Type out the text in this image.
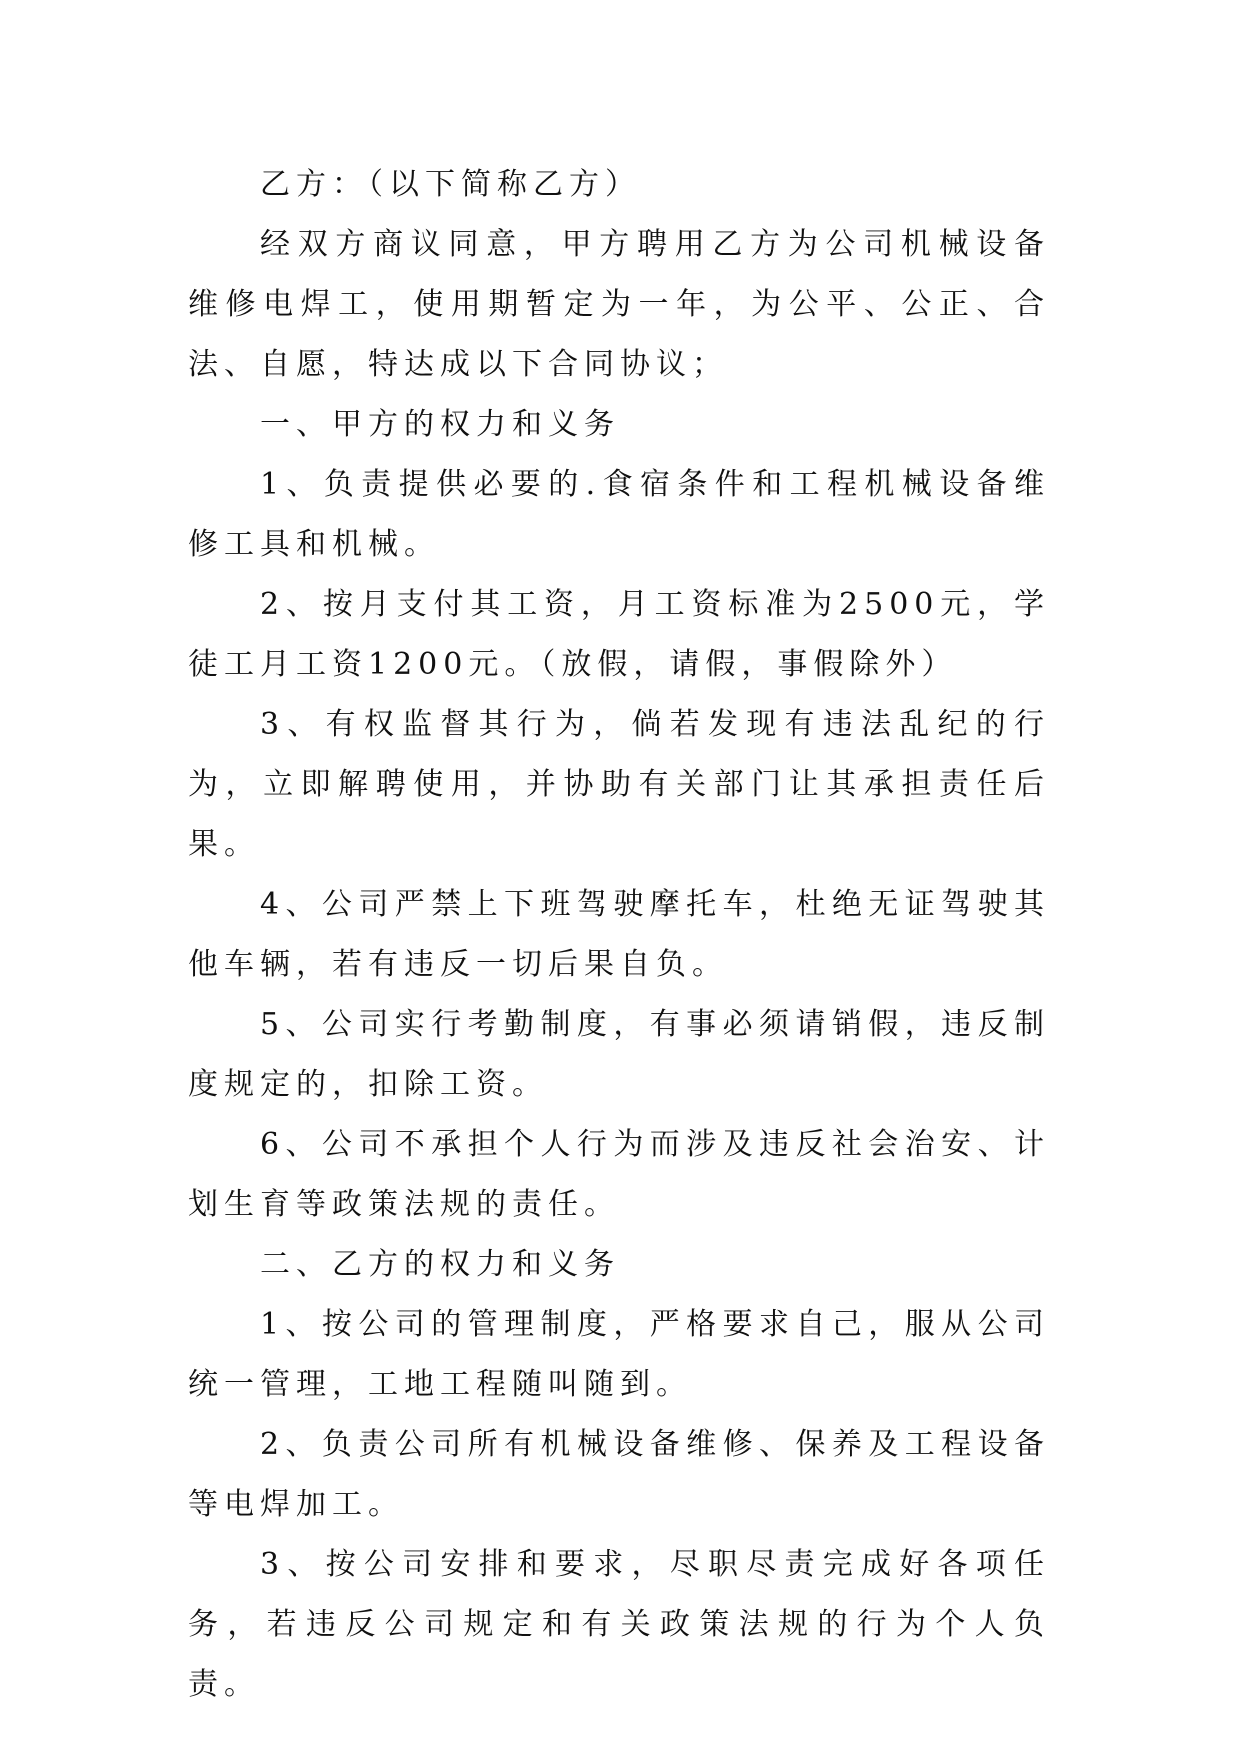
乙方：（以下简称乙方）

经双方商议同意，甲方聘用乙方为公司机械设备维修电焊工，使用期暂定为一年，为公平、公正、合法、自愿，特达成以下合同协议；

一、甲方的权力和义务

1、负责提供必要的.食宿条件和工程机械设备维修工具和机械。

2、按月支付其工资，月工资标准为2500元，学徒工月工资1200元。（放假，请假，事假除外）

3、有权监督其行为，倘若发现有违法乱纪的行为，立即解聘使用，并协助有关部门让其承担责任后果。

4、公司严禁上下班驾驶摩托车，杜绝无证驾驶其他车辆，若有违反一切后果自负。

5、公司实行考勤制度，有事必须请销假，违反制度规定的，扣除工资。

6、公司不承担个人行为而涉及违反社会治安、计划生育等政策法规的责任。

二、乙方的权力和义务

1、按公司的管理制度，严格要求自己，服从公司统一管理，工地工程随叫随到。

2、负责公司所有机械设备维修、保养及工程设备等电焊加工。

3、按公司安排和要求，尽职尽责完成好各项任务，若违反公司规定和有关政策法规的行为个人负责。
